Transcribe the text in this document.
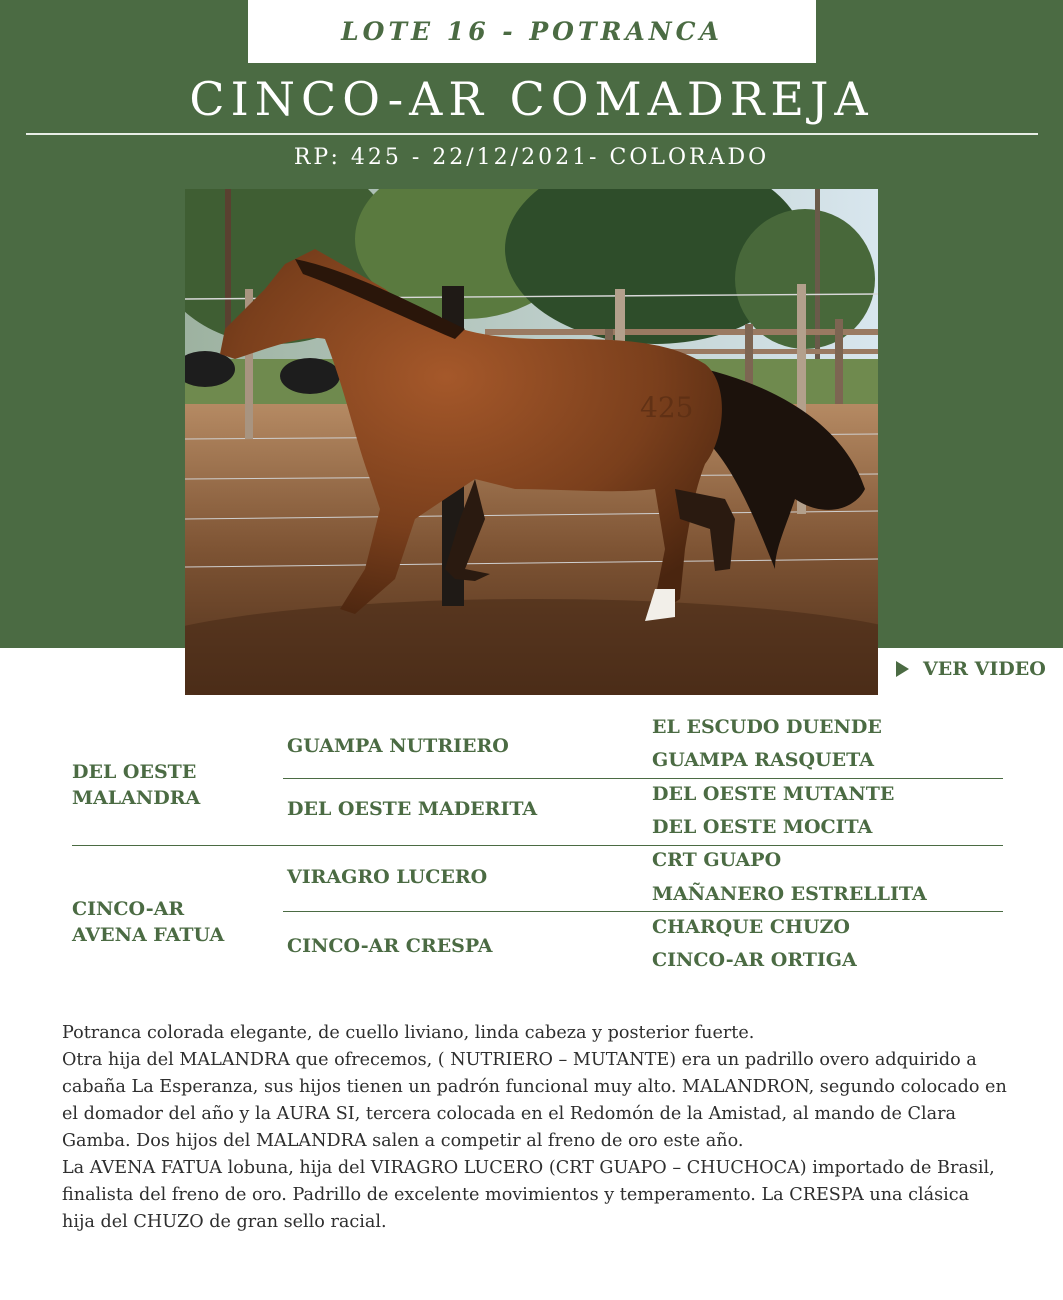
LOTE 16 - POTRANCA
CINCO-AR COMADREJA
RP: 425 - 22/12/2021- COLORADO
425
VER VIDEO
DEL OESTE
MALANDRA
CINCO-AR
AVENA FATUA
GUAMPA NUTRIERO
DEL OESTE MADERITA
VIRAGRO LUCERO
CINCO-AR CRESPA
EL ESCUDO DUENDE
GUAMPA RASQUETA
DEL OESTE MUTANTE
DEL OESTE MOCITA
CRT GUAPO
MAÑANERO ESTRELLITA
CHARQUE CHUZO
CINCO-AR ORTIGA

Potranca colorada elegante, de cuello liviano, linda cabeza y posterior fuerte.

Otra hija del MALANDRA que ofrecemos, ( NUTRIERO – MUTANTE) era un padrillo overo adquirido a cabaña La Esperanza, sus hijos tienen un padrón funcional muy alto. MALANDRON, segundo colocado en el domador del año y la AURA SI, tercera colocada en el Redomón de la Amistad, al mando de Clara Gamba. Dos hijos del MALANDRA salen a competir al freno de oro este año.

La AVENA FATUA lobuna, hija del VIRAGRO LUCERO (CRT GUAPO – CHUCHOCA) importado de Brasil, finalista del freno de oro. Padrillo de excelente movimientos y temperamento. La CRESPA una clásica hija del CHUZO de gran sello racial.
